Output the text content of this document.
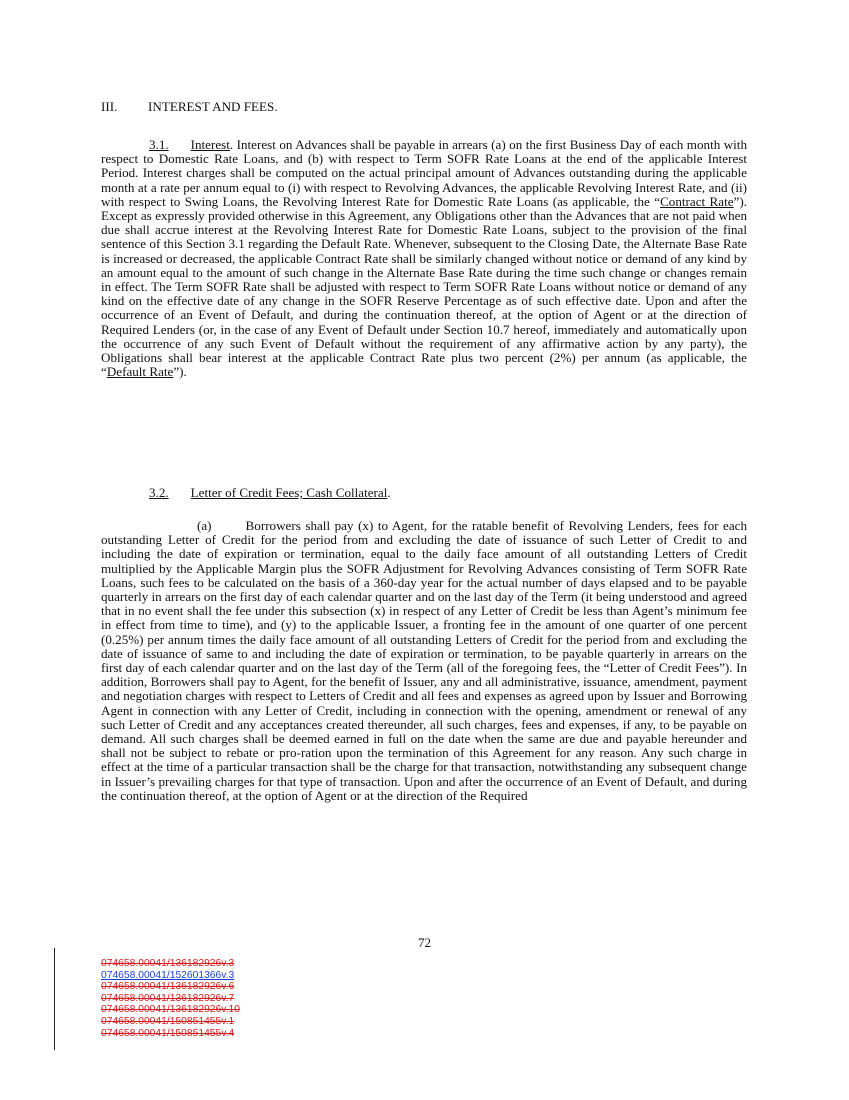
III. INTEREST AND FEES.

3.1. Interest. Interest on Advances shall be payable in arrears (a) on the first Business Day of each month with respect to Domestic Rate Loans, and (b) with respect to Term SOFR Rate Loans at the end of the applicable Interest Period. Interest charges shall be computed on the actual principal amount of Advances outstanding during the applicable month at a rate per annum equal to (i) with respect to Revolving Advances, the applicable Revolving Interest Rate, and (ii) with respect to Swing Loans, the Revolving Interest Rate for Domestic Rate Loans (as applicable, the “Contract Rate”). Except as expressly provided otherwise in this Agreement, any Obligations other than the Advances that are not paid when due shall accrue interest at the Revolving Interest Rate for Domestic Rate Loans, subject to the provision of the final sentence of this Section 3.1 regarding the Default Rate. Whenever, subsequent to the Closing Date, the Alternate Base Rate is increased or decreased, the applicable Contract Rate shall be similarly changed without notice or demand of any kind by an amount equal to the amount of such change in the Alternate Base Rate during the time such change or changes remain in effect. The Term SOFR Rate shall be adjusted with respect to Term SOFR Rate Loans without notice or demand of any kind on the effective date of any change in the SOFR Reserve Percentage as of such effective date. Upon and after the occurrence of an Event of Default, and during the continuation thereof, at the option of Agent or at the direction of Required Lenders (or, in the case of any Event of Default under Section 10.7 hereof, immediately and automatically upon the occurrence of any such Event of Default without the requirement of any affirmative action by any party), the Obligations shall bear interest at the applicable Contract Rate plus two percent (2%) per annum (as applicable, the “Default Rate”).

3.2. Letter of Credit Fees; Cash Collateral.

(a)	Borrowers shall pay (x) to Agent, for the ratable benefit of Revolving Lenders, fees for each outstanding Letter of Credit for the period from and excluding the date of issuance of such Letter of Credit to and including the date of expiration or termination, equal to the daily face amount of all outstanding Letters of Credit multiplied by the Applicable Margin plus the SOFR Adjustment for Revolving Advances consisting of Term SOFR Rate Loans, such fees to be calculated on the basis of a 360-day year for the actual number of days elapsed and to be payable quarterly in arrears on the first day of each calendar quarter and on the last day of the Term (it being understood and agreed that in no event shall the fee under this subsection (x) in respect of any Letter of Credit be less than Agent’s minimum fee in effect from time to time), and (y) to the applicable Issuer, a fronting fee in the amount of one quarter of one percent (0.25%) per annum times the daily face amount of all outstanding Letters of Credit for the period from and excluding the date of issuance of same to and including the date of expiration or termination, to be payable quarterly in arrears on the first day of each calendar quarter and on the last day of the Term (all of the foregoing fees, the “Letter of Credit Fees”). In addition, Borrowers shall pay to Agent, for the benefit of Issuer, any and all administrative, issuance, amendment, payment and negotiation charges with respect to Letters of Credit and all fees and expenses as agreed upon by Issuer and Borrowing Agent in connection with any Letter of Credit, including in connection with the opening, amendment or renewal of any such Letter of Credit and any acceptances created thereunder, all such charges, fees and expenses, if any, to be payable on demand. All such charges shall be deemed earned in full on the date when the same are due and payable hereunder and shall not be subject to rebate or pro-ration upon the termination of this Agreement for any reason. Any such charge in effect at the time of a particular transaction shall be the charge for that transaction, notwithstanding any subsequent change in Issuer’s prevailing charges for that type of transaction. Upon and after the occurrence of an Event of Default, and during the continuation thereof, at the option of Agent or at the direction of the Required

72
074658.00041/136182926v.3
074658.00041/152601366v.3
074658.00041/136182926v.6
074658.00041/136182926v.7
074658.00041/136182926v.10
074658.00041/150851455v.1
074658.00041/150851455v.4
